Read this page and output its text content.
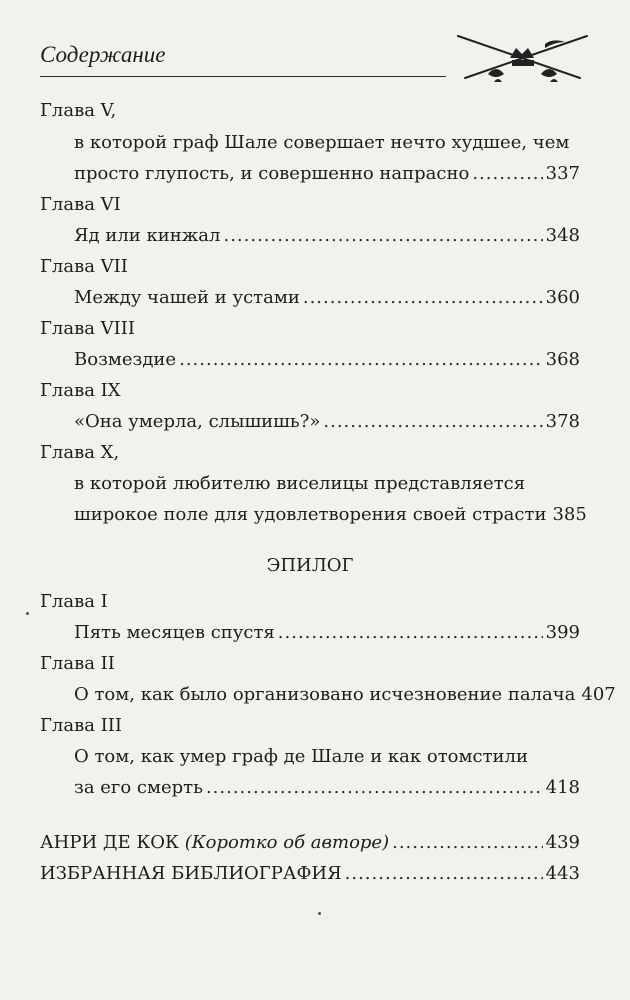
Содержание
Глава V,
в которой граф Шале совершает нечто худшее, чем
просто глупость, и совершенно напрасно .....	337
Глава VI
Яд или кинжал .....	348
Глава VII
Между чашей и устами .....	360
Глава VIII
Возмездие .....	368
Глава IX
«Она умерла, слышишь?» .....	378
Глава X,
в которой любителю виселицы представляется
широкое поле для удовлетворения своей страсти 385
ЭПИЛОГ
Глава I
Пять месяцев спустя .....	399
Глава II
О том, как было организовано исчезновение палача 407
Глава III
О том, как умер граф де Шале и как отомстили
за его смерть .....	418
АНРИ ДЕ КОК (Коротко об авторе) .....	439
ИЗБРАННАЯ БИБЛИОГРАФИЯ .....	443
